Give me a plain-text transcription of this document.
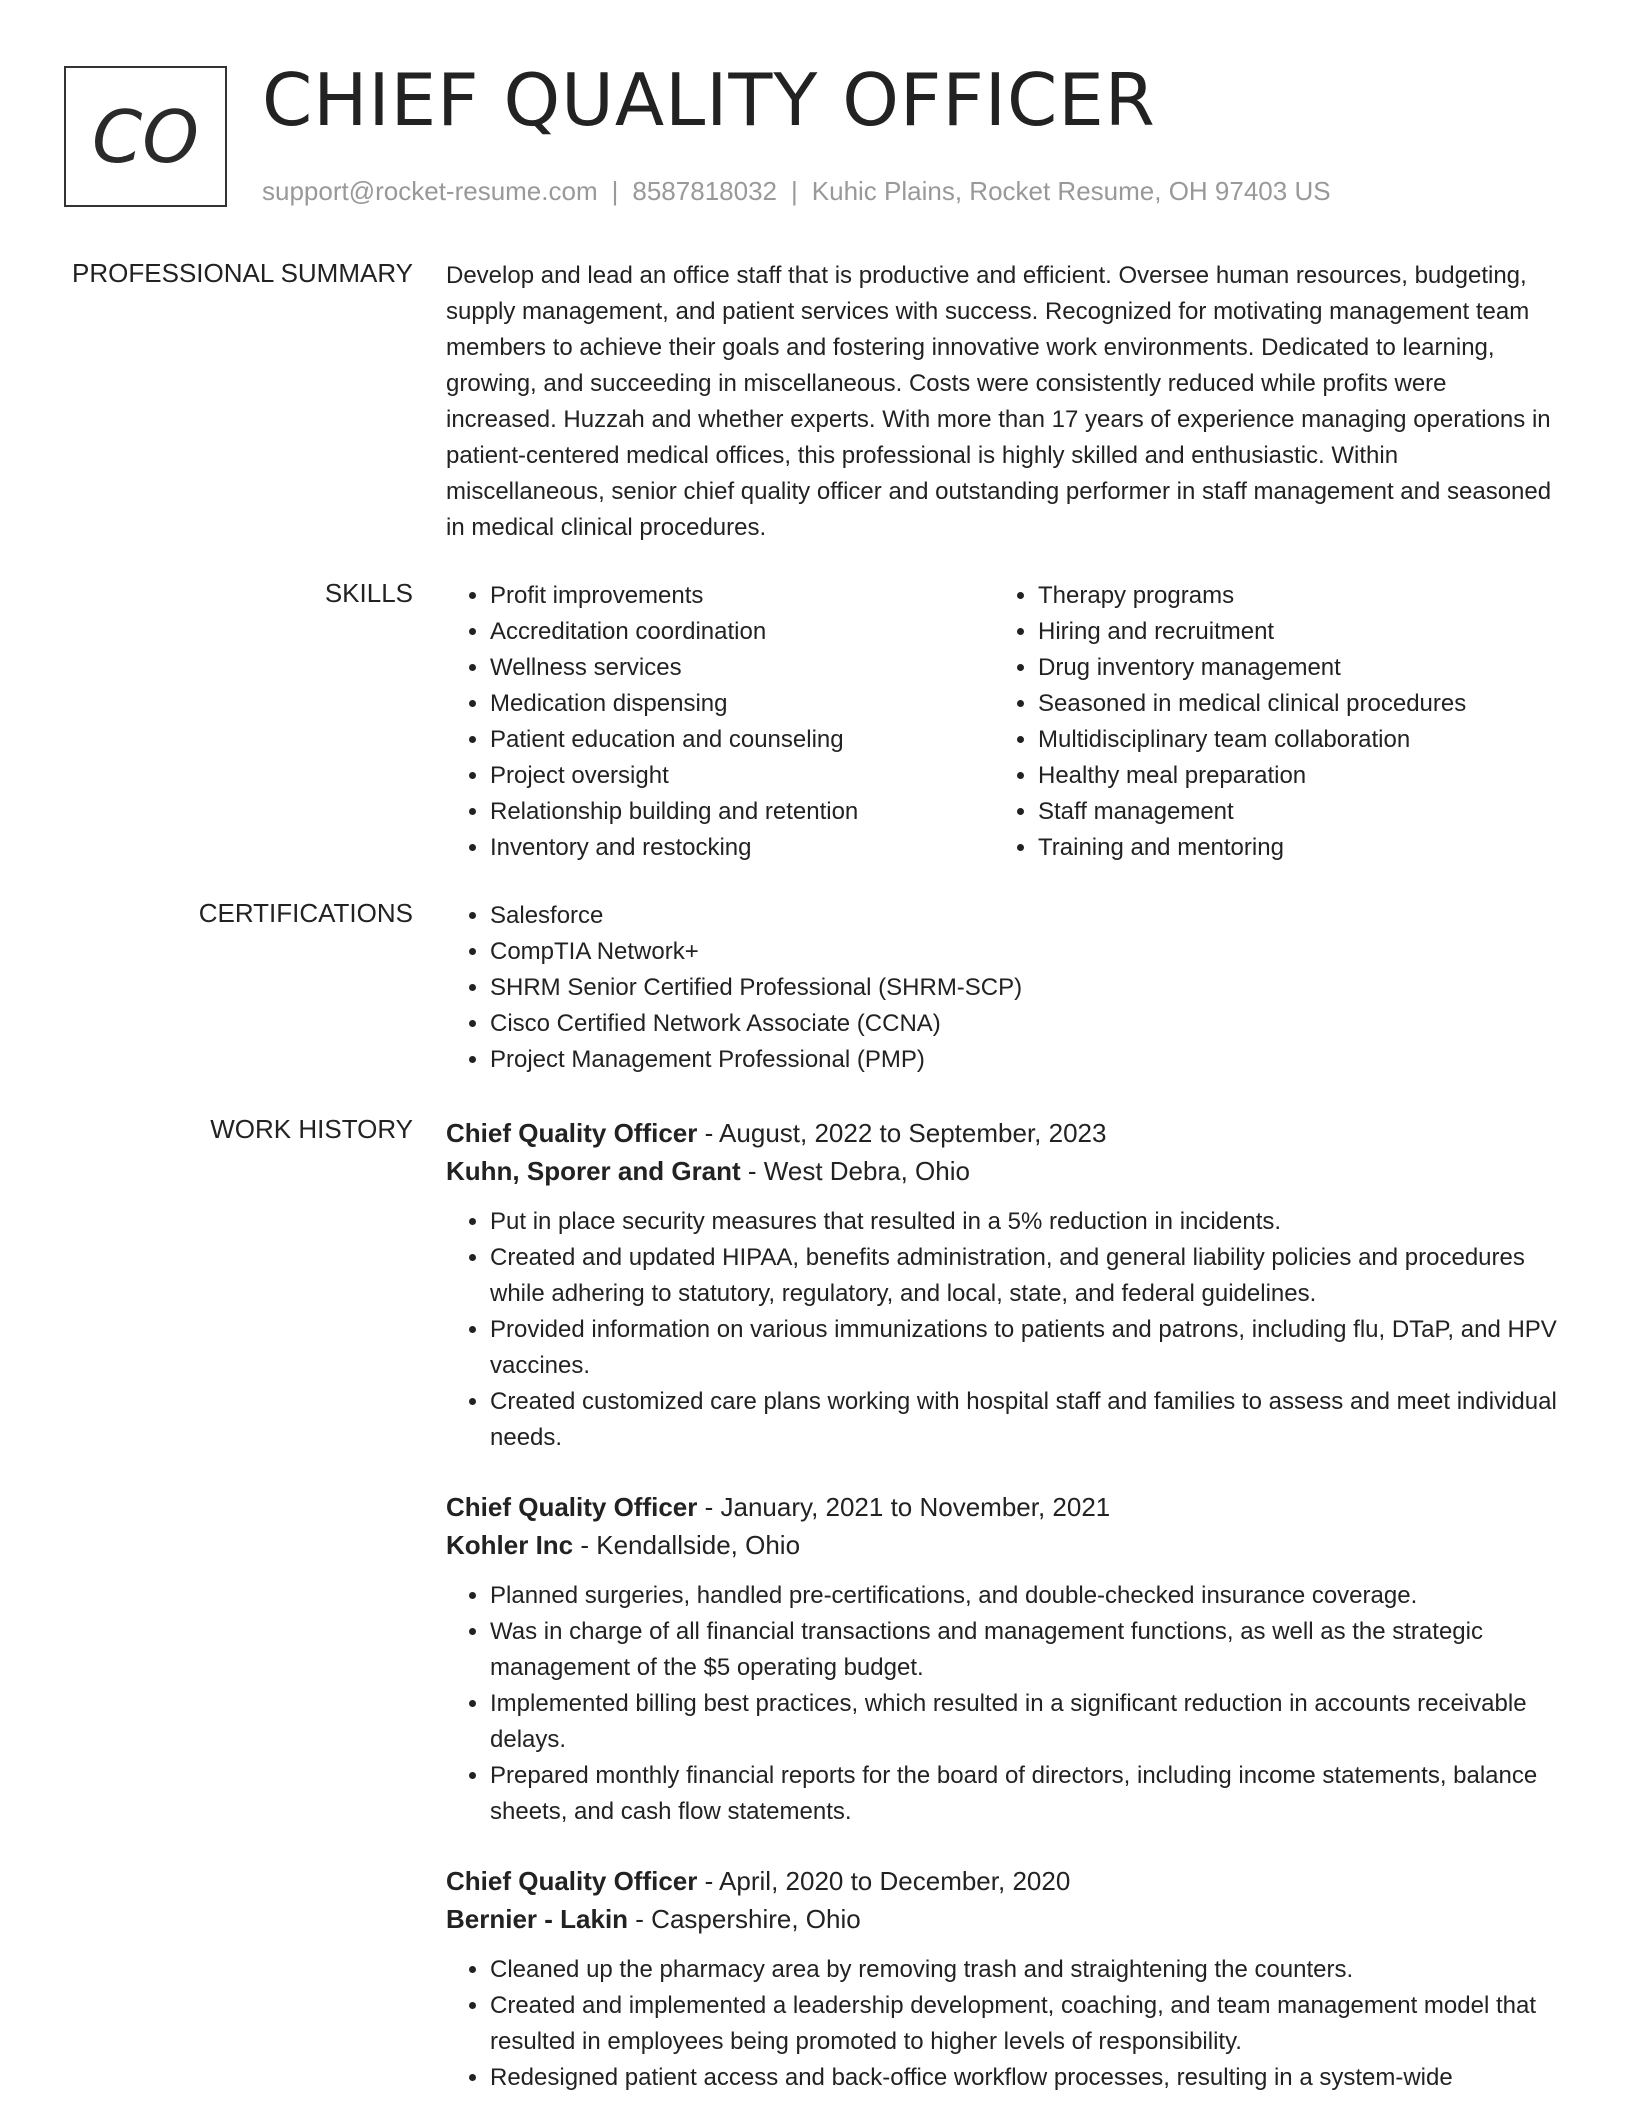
CO CHIEF QUALITY OFFICER
support@rocket-resume.com | 8587818032 | Kuhic Plains, Rocket Resume, OH 97403 US
PROFESSIONAL SUMMARY Develop and lead an office staff that is productive and efficient. Oversee human resources, budgeting, supply management, and patient services with success. Recognized for motivating management team members to achieve their goals and fostering innovative work environments. Dedicated to learning, growing, and succeeding in miscellaneous. Costs were consistently reduced while profits were increased. Huzzah and whether experts. With more than 17 years of experience managing operations in patient-centered medical offices, this professional is highly skilled and enthusiastic. Within miscellaneous, senior chief quality officer and outstanding performer in staff management and seasoned in medical clinical procedures.
SKILLS	• Profit improvements
• Accreditation coordination
• Wellness services
• Medication dispensing
• Patient education and counseling
• Project oversight
• Relationship building and retention
• Inventory and restocking
• Therapy programs
• Hiring and recruitment
• Drug inventory management
• Seasoned in medical clinical procedures
• Multidisciplinary team collaboration
• Healthy meal preparation
• Staff management
• Training and mentoring
CERTIFICATIONS	• Salesforce
• CompTIA Network+
• SHRM Senior Certified Professional (SHRM-SCP)
• Cisco Certified Network Associate (CCNA)
• Project Management Professional (PMP)
WORK HISTORY Chief Quality Officer - August, 2022 to September, 2023
Kuhn, Sporer and Grant - West Debra, Ohio
• Put in place security measures that resulted in a 5% reduction in incidents.
• Created and updated HIPAA, benefits administration, and general liability policies and procedures while adhering to statutory, regulatory, and local, state, and federal guidelines.
• Provided information on various immunizations to patients and patrons, including flu, DTaP, and HPV vaccines.
• Created customized care plans working with hospital staff and families to assess and meet individual needs.
Chief Quality Officer - January, 2021 to November, 2021
Kohler Inc - Kendallside, Ohio
• Planned surgeries, handled pre-certifications, and double-checked insurance coverage.
• Was in charge of all financial transactions and management functions, as well as the strategic management of the $5 operating budget.
• Implemented billing best practices, which resulted in a significant reduction in accounts receivable delays.
• Prepared monthly financial reports for the board of directors, including income statements, balance sheets, and cash flow statements.
Chief Quality Officer - April, 2020 to December, 2020
Bernier - Lakin - Caspershire, Ohio
• Cleaned up the pharmacy area by removing trash and straightening the counters.
• Created and implemented a leadership development, coaching, and team management model that resulted in employees being promoted to higher levels of responsibility.
• Redesigned patient access and back-office workflow processes, resulting in a system-wide
